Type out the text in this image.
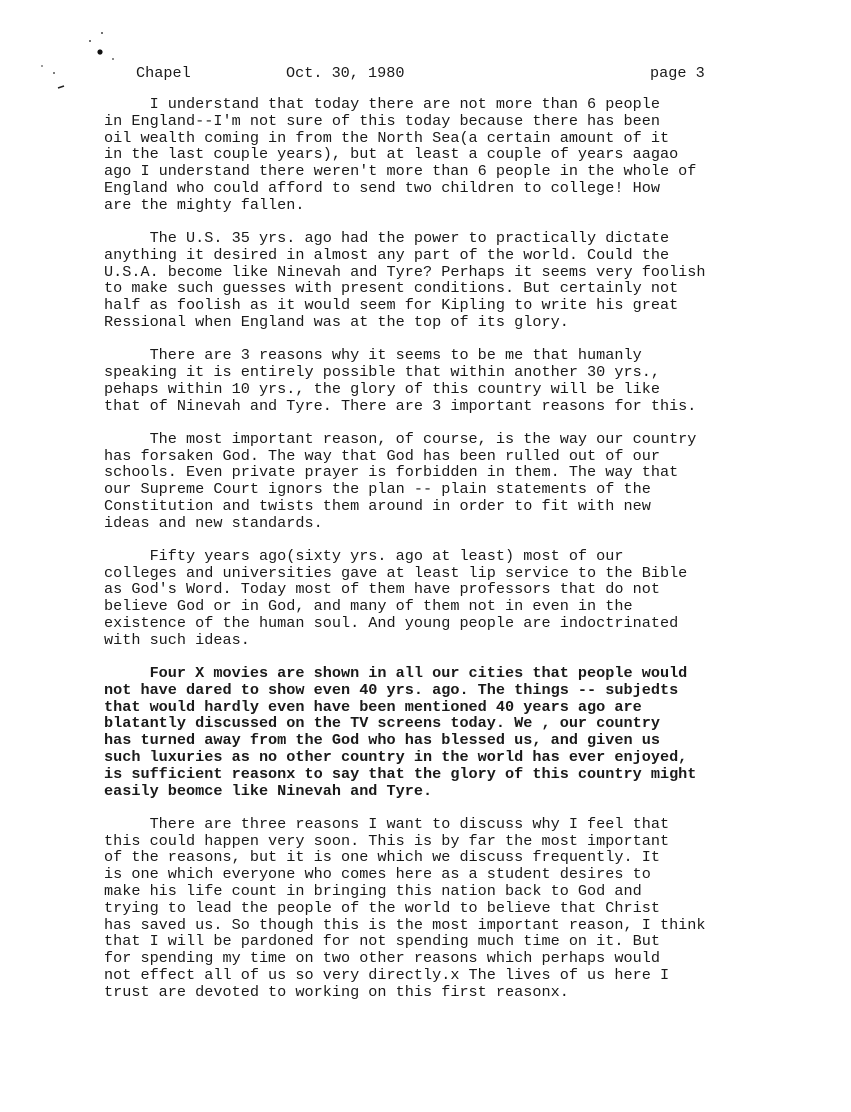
Chapel	Oct. 30, 1980	page 3
I understand that today there are not more than 6 people
in England--I'm not sure of this today because there has been
oil wealth coming in from the North Sea(a certain amount of it
in the last couple years), but at least a couple of years aagao
ago I understand there weren't more than 6 people in the whole of
England who could afford to send two children to college! How
are the mighty fallen.
The U.S. 35 yrs. ago had the power to practically dictate
anything it desired in almost any part of the world. Could the
U.S.A. become like Ninevah and Tyre? Perhaps it seems very foolish
to make such guesses with present conditions. But certainly not
half as foolish as it would seem for Kipling to write his great
Ressional when England was at the top of its glory.
There are 3 reasons why it seems to be me that humanly
speaking it is entirely possible that within another 30 yrs.,
pehaps within 10 yrs., the glory of this country will be like
that of Ninevah and Tyre. There are 3 important reasons for this.
The most important reason, of course, is the way our country
has forsaken God. The way that God has been rulled out of our
schools. Even private prayer is forbidden in them. The way that
our Supreme Court ignors the plan -- plain statements of the
Constitution and twists them around in order to fit with new
ideas and new standards.
Fifty years ago(sixty yrs. ago at least) most of our
colleges and universities gave at least lip service to the Bible
as God's Word. Today most of them have professors that do not
believe God or in God, and many of them not in even in the
existence of the human soul. And young people are indoctrinated
with such ideas.
Four X movies are shown in all our cities that people would
not have dared to show even 40 yrs. ago. The things -- subjedts
that would hardly even have been mentioned 40 years ago are
blatantly discussed on the TV screens today. We , our country
has turned away from the God who has blessed us, and given us
such luxuries as no other country in the world has ever enjoyed,
is sufficient reasonx to say that the glory of this country might
easily beomce like Ninevah and Tyre.
There are three reasons I want to discuss why I feel that
this could happen very soon. This is by far the most important
of the reasons, but it is one which we discuss frequently. It
is one which everyone who comes here as a student desires to
make his life count in bringing this nation back to God and
trying to lead the people of the world to believe that Christ
has saved us. So though this is the most important reason, I think
that I will be pardoned for not spending much time on it. But
for spending my time on two other reasons which perhaps would
not effect all of us so very directly.x The lives of us here I
trust are devoted to working on this first reasonx.
